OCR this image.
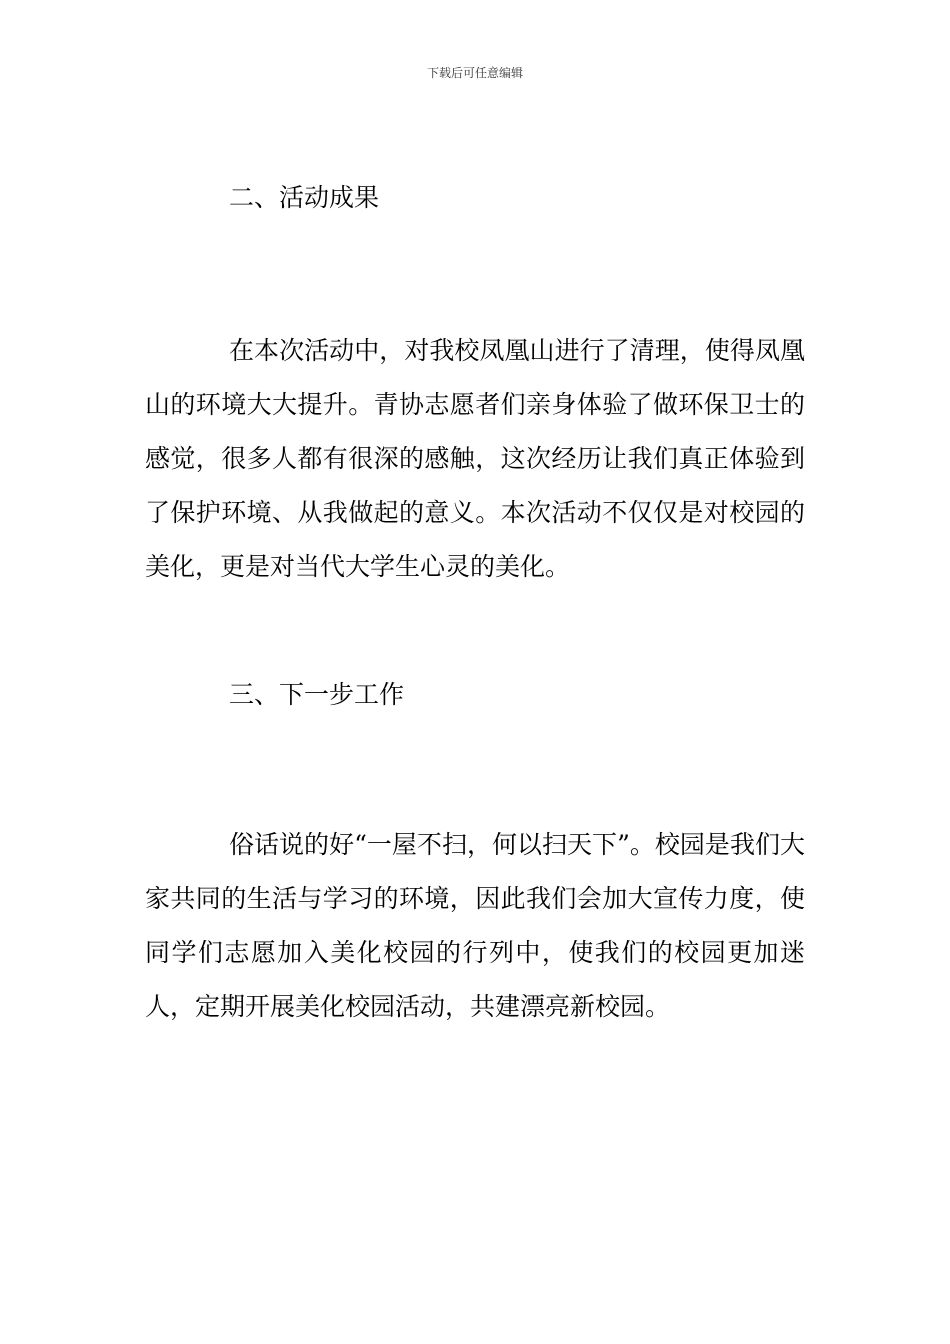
下载后可任意编辑
二、活动成果

在本次活动中，对我校凤凰山进行了清理，使得凤凰山的环境大大提升。青协志愿者们亲身体验了做环保卫士的感觉，很多人都有很深的感触，这次经历让我们真正体验到了保护环境、从我做起的意义。本次活动不仅仅是对校园的美化，更是对当代大学生心灵的美化。

三、下一步工作

俗话说的好“一屋不扫，何以扫天下”。校园是我们大家共同的生活与学习的环境，因此我们会加大宣传力度，使同学们志愿加入美化校园的行列中，使我们的校园更加迷人，定期开展美化校园活动，共建漂亮新校园。
